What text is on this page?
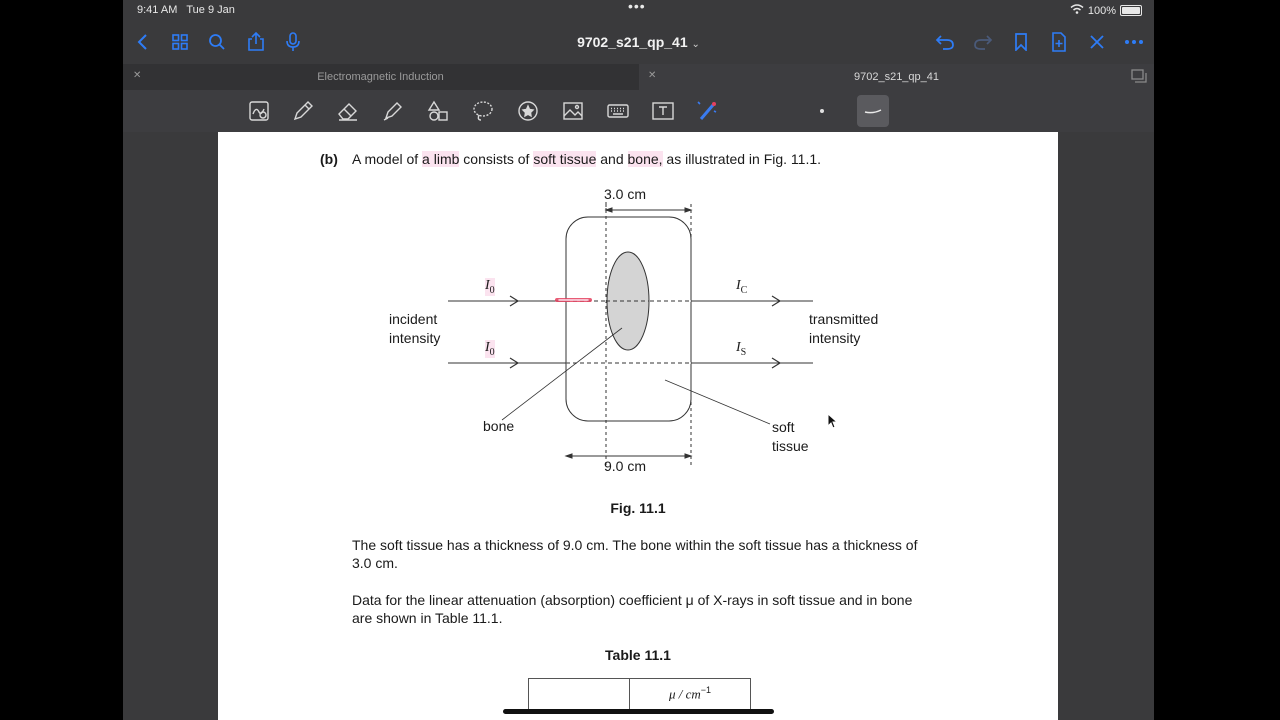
9:41 AM Tue 9 Jan	•••	100%
9702_s21_qp_41 ⌄
✕	Electromagnetic Induction	✕	9702_s21_qp_41
(b) A model of a limb consists of soft tissue and bone, as illustrated in Fig. 11.1.
3.0 cm
9.0 cm
$I_0$
$I_0$
$I_C$
$I_S$
incident
intensity
transmitted
intensity
bone	soft
tissue
Fig. 11.1
The soft tissue has a thickness of 9.0 cm. The bone within the soft tissue has a thickness of
3.0 cm.
Data for the linear attenuation (absorption) coefficient μ of X-rays in soft tissue and in bone
are shown in Table 11.1.
Table 11.1
	μ / $cm^{-1}$
